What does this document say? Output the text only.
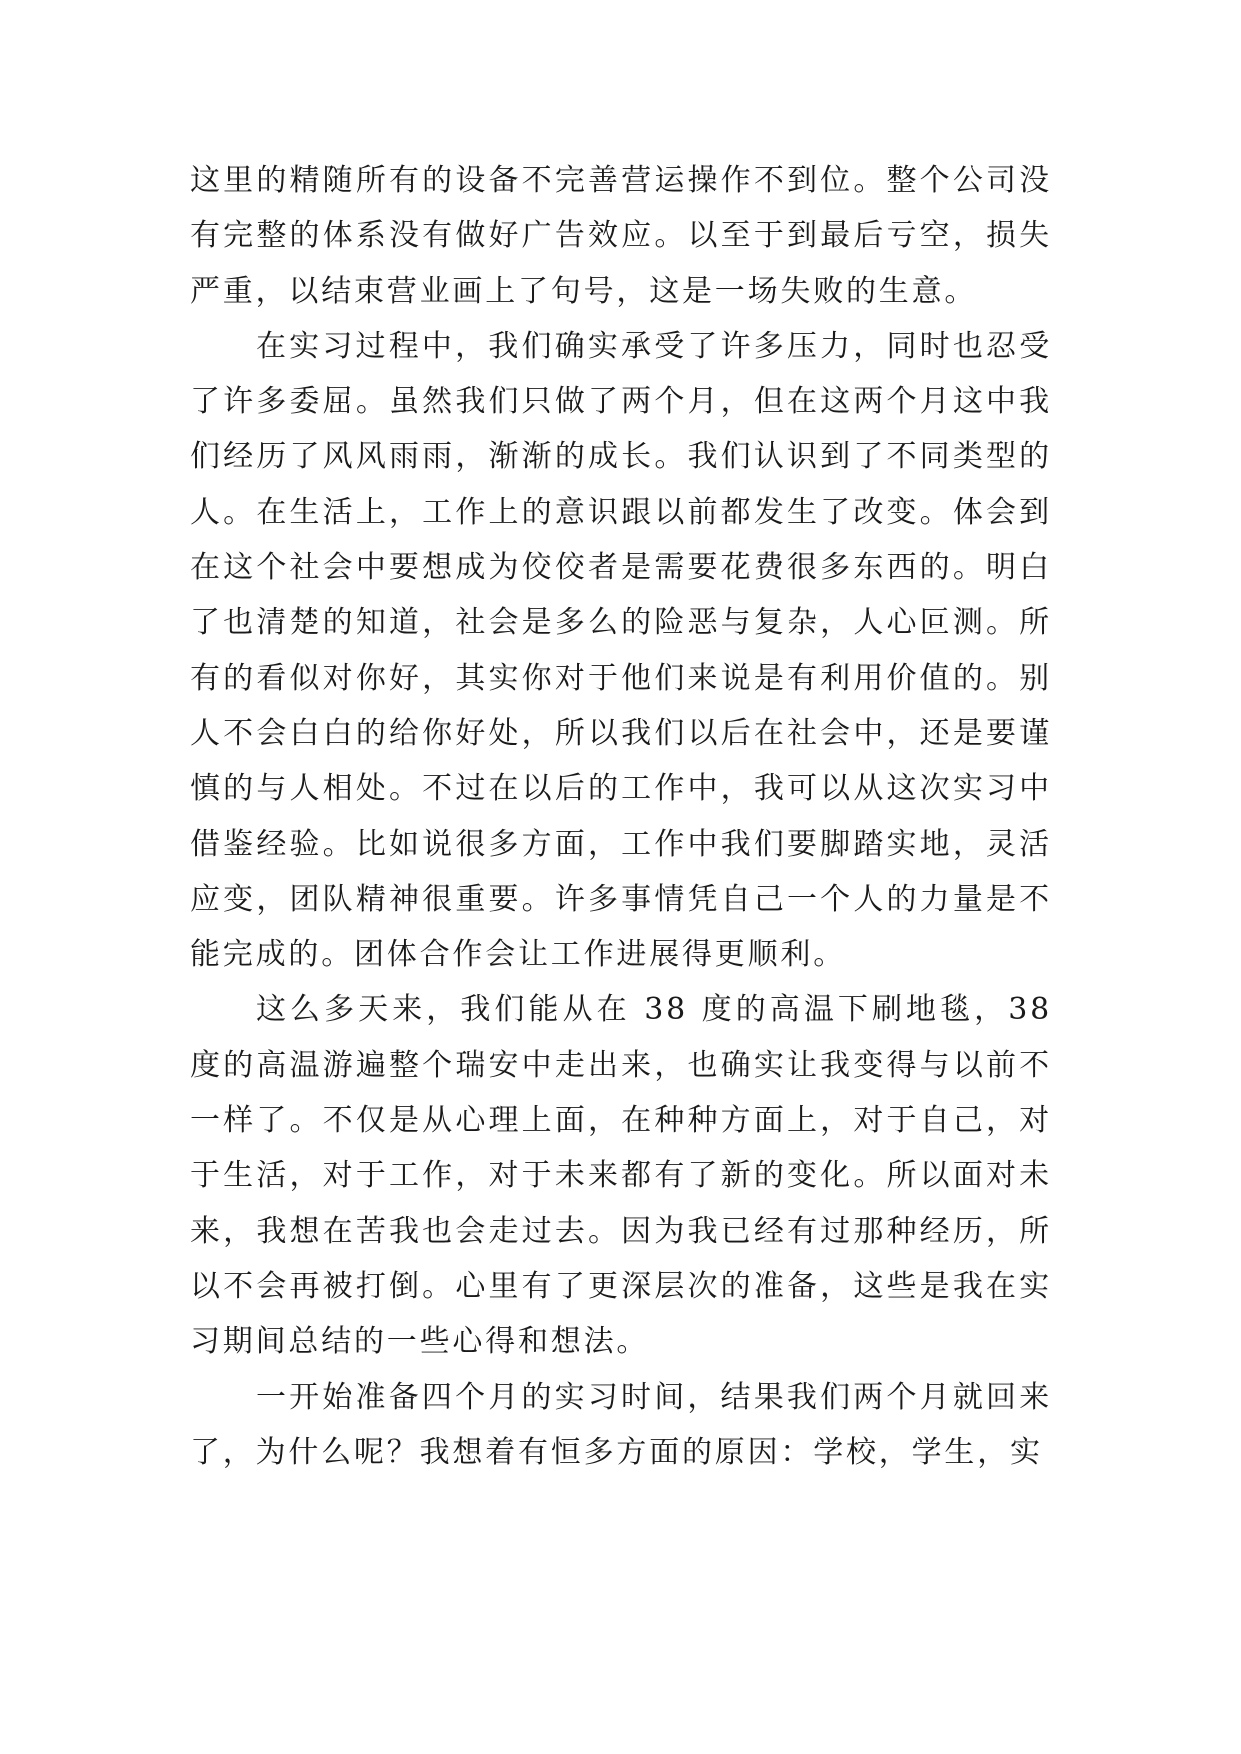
这里的精随所有的设备不完善营运操作不到位。整个公司没有完整的体系没有做好广告效应。以至于到最后亏空，损失严重，以结束营业画上了句号，这是一场失败的生意。

在实习过程中，我们确实承受了许多压力，同时也忍受了许多委屈。虽然我们只做了两个月，但在这两个月这中我们经历了风风雨雨，渐渐的成长。我们认识到了不同类型的人。在生活上，工作上的意识跟以前都发生了改变。体会到在这个社会中要想成为佼佼者是需要花费很多东西的。明白了也清楚的知道，社会是多么的险恶与复杂，人心叵测。所有的看似对你好，其实你对于他们来说是有利用价值的。别人不会白白的给你好处，所以我们以后在社会中，还是要谨慎的与人相处。不过在以后的工作中，我可以从这次实习中借鉴经验。比如说很多方面，工作中我们要脚踏实地，灵活应变，团队精神很重要。许多事情凭自己一个人的力量是不能完成的。团体合作会让工作进展得更顺利。

这么多天来，我们能从在 38 度的高温下刷地毯，38 度的高温游遍整个瑞安中走出来，也确实让我变得与以前不一样了。不仅是从心理上面，在种种方面上，对于自己，对于生活，对于工作，对于未来都有了新的变化。所以面对未来，我想在苦我也会走过去。因为我已经有过那种经历，所以不会再被打倒。心里有了更深层次的准备，这些是我在实习期间总结的一些心得和想法。

一开始准备四个月的实习时间，结果我们两个月就回来了，为什么呢？我想着有恒多方面的原因：学校，学生，实
